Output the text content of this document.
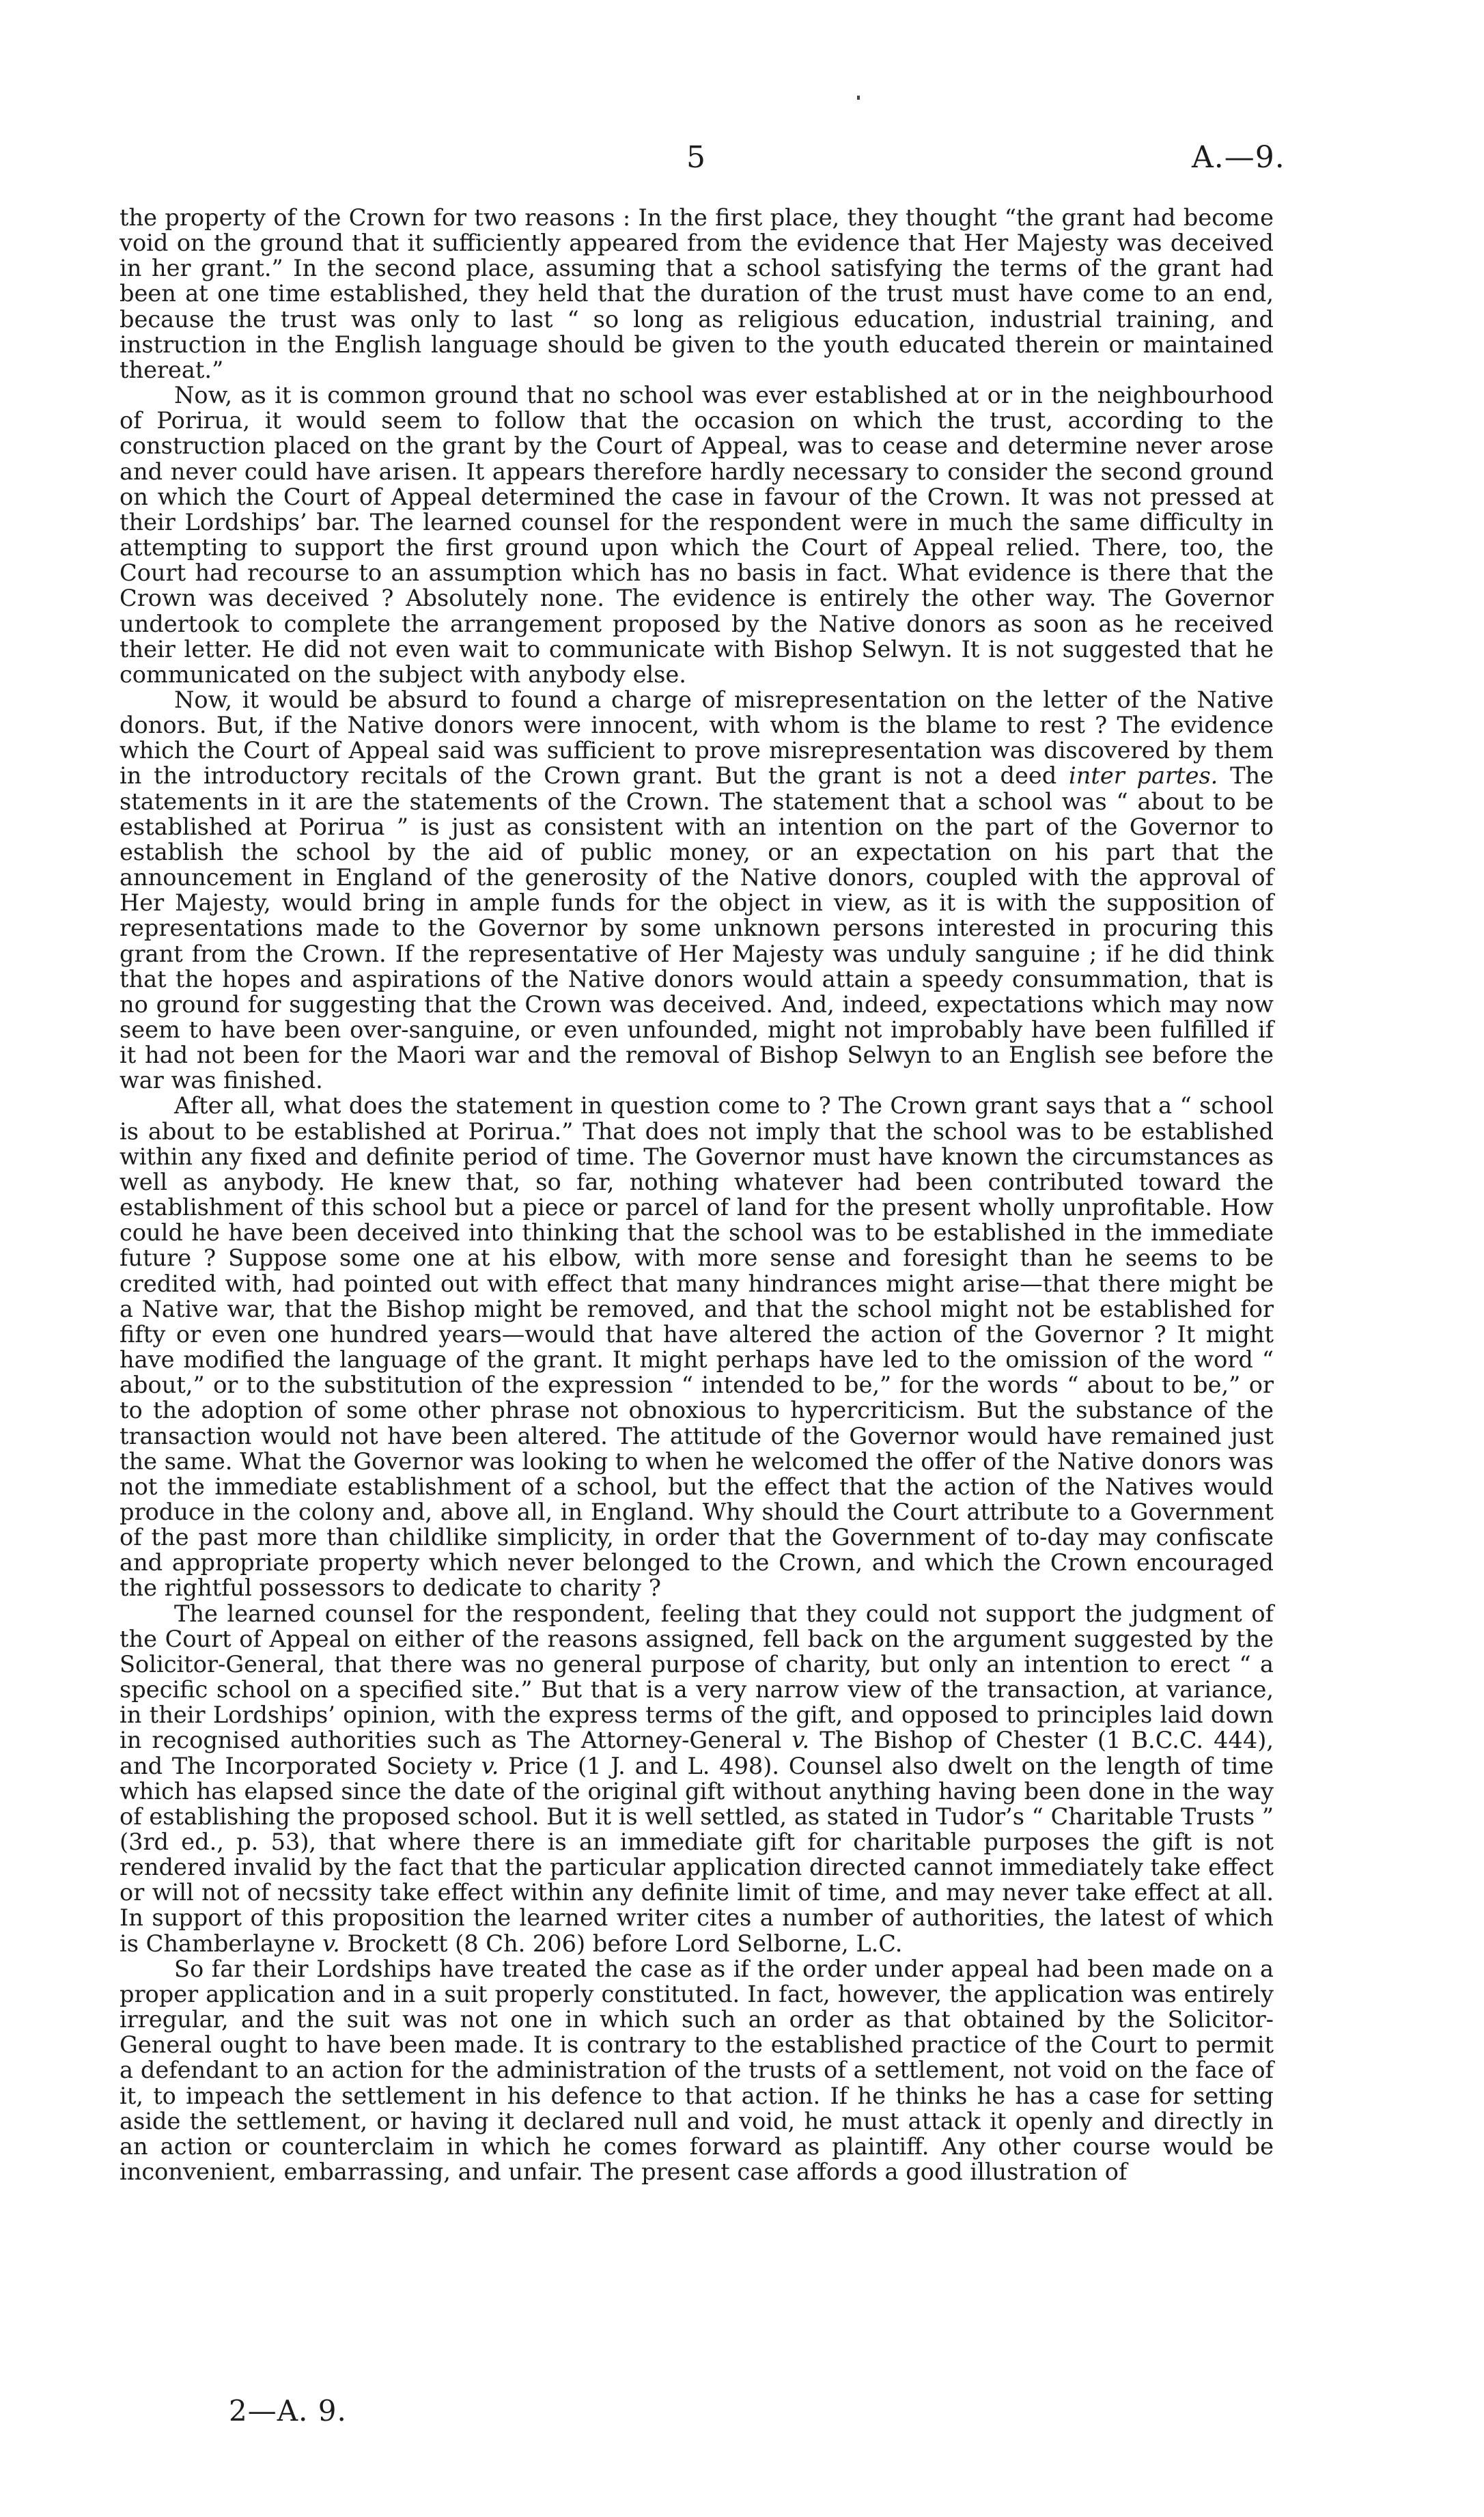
5	A.—9.

the property of the Crown for two reasons : In the first place, they thought “the grant had become void on the ground that it sufficiently appeared from the evidence that Her Majesty was deceived in her grant.” In the second place, assuming that a school satisfying the terms of the grant had been at one time established, they held that the duration of the trust must have come to an end, because the trust was only to last “ so long as religious education, industrial training, and instruction in the English language should be given to the youth educated therein or maintained thereat.”

Now, as it is common ground that no school was ever established at or in the neighbourhood of Porirua, it would seem to follow that the occasion on which the trust, according to the construction placed on the grant by the Court of Appeal, was to cease and determine never arose and never could have arisen. It appears therefore hardly necessary to consider the second ground on which the Court of Appeal determined the case in favour of the Crown. It was not pressed at their Lordships’ bar. The learned counsel for the respondent were in much the same difficulty in attempting to support the first ground upon which the Court of Appeal relied. There, too, the Court had recourse to an assumption which has no basis in fact. What evidence is there that the Crown was deceived ? Absolutely none. The evidence is entirely the other way. The Governor undertook to complete the arrangement proposed by the Native donors as soon as he received their letter. He did not even wait to communicate with Bishop Selwyn. It is not suggested that he communicated on the subject with anybody else.

Now, it would be absurd to found a charge of misrepresentation on the letter of the Native donors. But, if the Native donors were innocent, with whom is the blame to rest ? The evidence which the Court of Appeal said was sufficient to prove misrepresentation was discovered by them in the introductory recitals of the Crown grant. But the grant is not a deed inter partes. The statements in it are the statements of the Crown. The statement that a school was “ about to be established at Porirua ” is just as consistent with an intention on the part of the Governor to establish the school by the aid of public money, or an expectation on his part that the announcement in England of the generosity of the Native donors, coupled with the approval of Her Majesty, would bring in ample funds for the object in view, as it is with the supposition of representations made to the Governor by some unknown persons interested in procuring this grant from the Crown. If the representative of Her Majesty was unduly sanguine ; if he did think that the hopes and aspirations of the Native donors would attain a speedy consummation, that is no ground for suggesting that the Crown was deceived. And, indeed, expectations which may now seem to have been over-sanguine, or even unfounded, might not improbably have been fulfilled if it had not been for the Maori war and the removal of Bishop Selwyn to an English see before the war was finished.

After all, what does the statement in question come to ? The Crown grant says that a “ school is about to be established at Porirua.” That does not imply that the school was to be established within any fixed and definite period of time. The Governor must have known the circumstances as well as anybody. He knew that, so far, nothing whatever had been contributed toward the establishment of this school but a piece or parcel of land for the present wholly unprofitable. How could he have been deceived into thinking that the school was to be established in the immediate future ? Suppose some one at his elbow, with more sense and foresight than he seems to be credited with, had pointed out with effect that many hindrances might arise—that there might be a Native war, that the Bishop might be removed, and that the school might not be established for fifty or even one hundred years—would that have altered the action of the Governor ? It might have modified the language of the grant. It might perhaps have led to the omission of the word “ about,” or to the substitution of the expression “ intended to be,” for the words “ about to be,” or to the adoption of some other phrase not obnoxious to hypercriticism. But the substance of the transaction would not have been altered. The attitude of the Governor would have remained just the same. What the Governor was looking to when he welcomed the offer of the Native donors was not the immediate establishment of a school, but the effect that the action of the Natives would produce in the colony and, above all, in England. Why should the Court attribute to a Government of the past more than childlike simplicity, in order that the Government of to-day may confiscate and appropriate property which never belonged to the Crown, and which the Crown encouraged the rightful possessors to dedicate to charity ?

The learned counsel for the respondent, feeling that they could not support the judgment of the Court of Appeal on either of the reasons assigned, fell back on the argument suggested by the Solicitor-General, that there was no general purpose of charity, but only an intention to erect “ a specific school on a specified site.” But that is a very narrow view of the transaction, at variance, in their Lordships’ opinion, with the express terms of the gift, and opposed to principles laid down in recognised authorities such as The Attorney-General v. The Bishop of Chester (1 B.C.C. 444), and The Incorporated Society v. Price (1 J. and L. 498). Counsel also dwelt on the length of time which has elapsed since the date of the original gift without anything having been done in the way of establishing the proposed school. But it is well settled, as stated in Tudor’s “ Charitable Trusts ” (3rd ed., p. 53), that where there is an immediate gift for charitable purposes the gift is not rendered invalid by the fact that the particular application directed cannot immediately take effect or will not of necssity take effect within any definite limit of time, and may never take effect at all. In support of this proposition the learned writer cites a number of authorities, the latest of which is Chamberlayne v. Brockett (8 Ch. 206) before Lord Selborne, L.C.

So far their Lordships have treated the case as if the order under appeal had been made on a proper application and in a suit properly constituted. In fact, however, the application was entirely irregular, and the suit was not one in which such an order as that obtained by the Solicitor-General ought to have been made. It is contrary to the established practice of the Court to permit a defendant to an action for the administration of the trusts of a settlement, not void on the face of it, to impeach the settlement in his defence to that action. If he thinks he has a case for setting aside the settlement, or having it declared null and void, he must attack it openly and directly in an action or counterclaim in which he comes forward as plaintiff. Any other course would be inconvenient, embarrassing, and unfair. The present case affords a good illustration of

2—A. 9.
